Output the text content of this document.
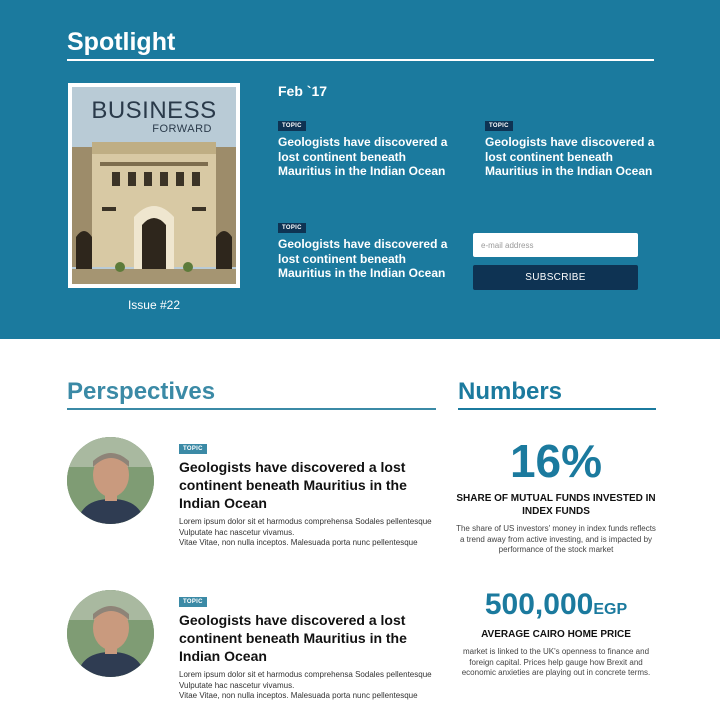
Spotlight
BUSINESS
FORWARD
Issue #22
Feb `17
TOPIC
Geologists have discovered a lost continent beneath Mauritius in the Indian Ocean
TOPIC
Geologists have discovered a lost continent beneath Mauritius in the Indian Ocean
TOPIC
Geologists have discovered a lost continent beneath Mauritius in the Indian Ocean
e-mail address	SUBSCRIBE
Perspectives
TOPIC
Geologists have discovered a lost continent beneath Mauritius in the Indian Ocean

Lorem ipsum dolor sit et harmodus comprehensa Sodales pellentesque Vulputate hac nascetur vivamus.

Vitae Vitae, non nulla inceptos. Malesuada porta nunc pellentesque

TOPIC
Geologists have discovered a lost continent beneath Mauritius in the Indian Ocean

Lorem ipsum dolor sit et harmodus comprehensa Sodales pellentesque Vulputate hac nascetur vivamus.

Vitae Vitae, non nulla inceptos. Malesuada porta nunc pellentesque

Numbers
16%
SHARE OF MUTUAL FUNDS INVESTED IN INDEX FUNDS
The share of US investors' money in index funds reflects a trend away from active investing, and is impacted by performance of the stock market
500,000EGP
AVERAGE CAIRO HOME PRICE
market is linked to the UK's openness to finance and foreign capital. Prices help gauge how Brexit and economic anxieties are playing out in concrete terms.
